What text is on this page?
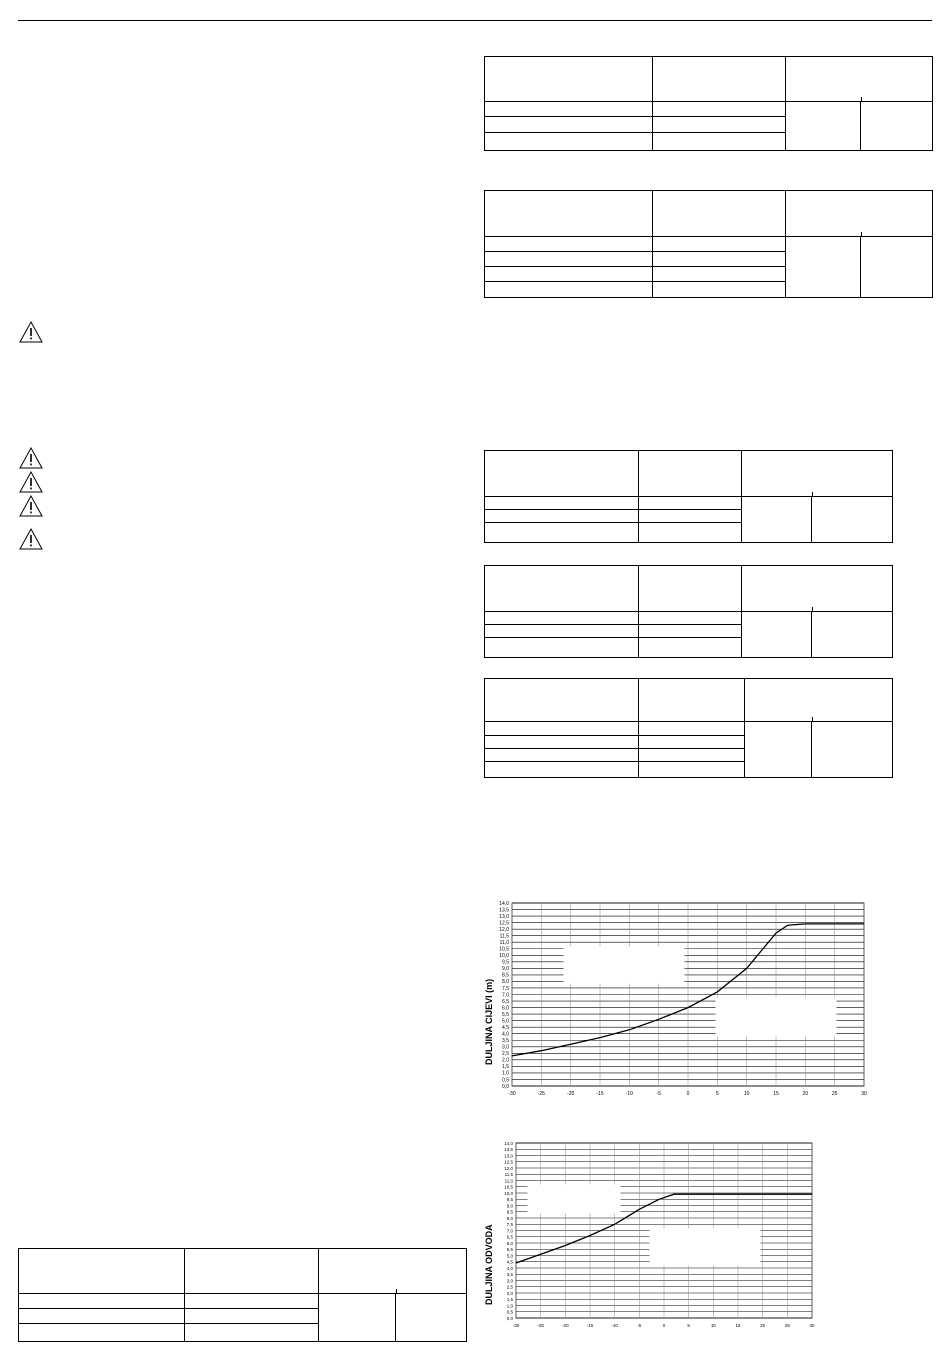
0,0
0,5
1,0
1,5
2,0
2,5
3,0
3,5
4,0
4,5
5,0
5,5
6,0
6,5
7,0
7,5
8,0
8,5
9,0
9,5
10,0
10,5
11,0
11,5
12,0
12,5
13,0
13,5
14,0
-30	-25	-20	-15	-10	-5	0	5	10	15	20	25	30
DULJINA CIJEVI (m)
0,0
0,5
1,0
1,5
2,0
2,5
3,0
3,5
4,0
4,5
5,0
5,5
6,0
6,5
7,0
7,5
8,0
8,5
9,0
9,5
10,0
10,5
11,0
11,5
12,0
12,5
13,0
13,5
14,0
-30	-25	-20	-15	-10	-5	0	5	10	15	20	25	30
DULJINA ODVODA
